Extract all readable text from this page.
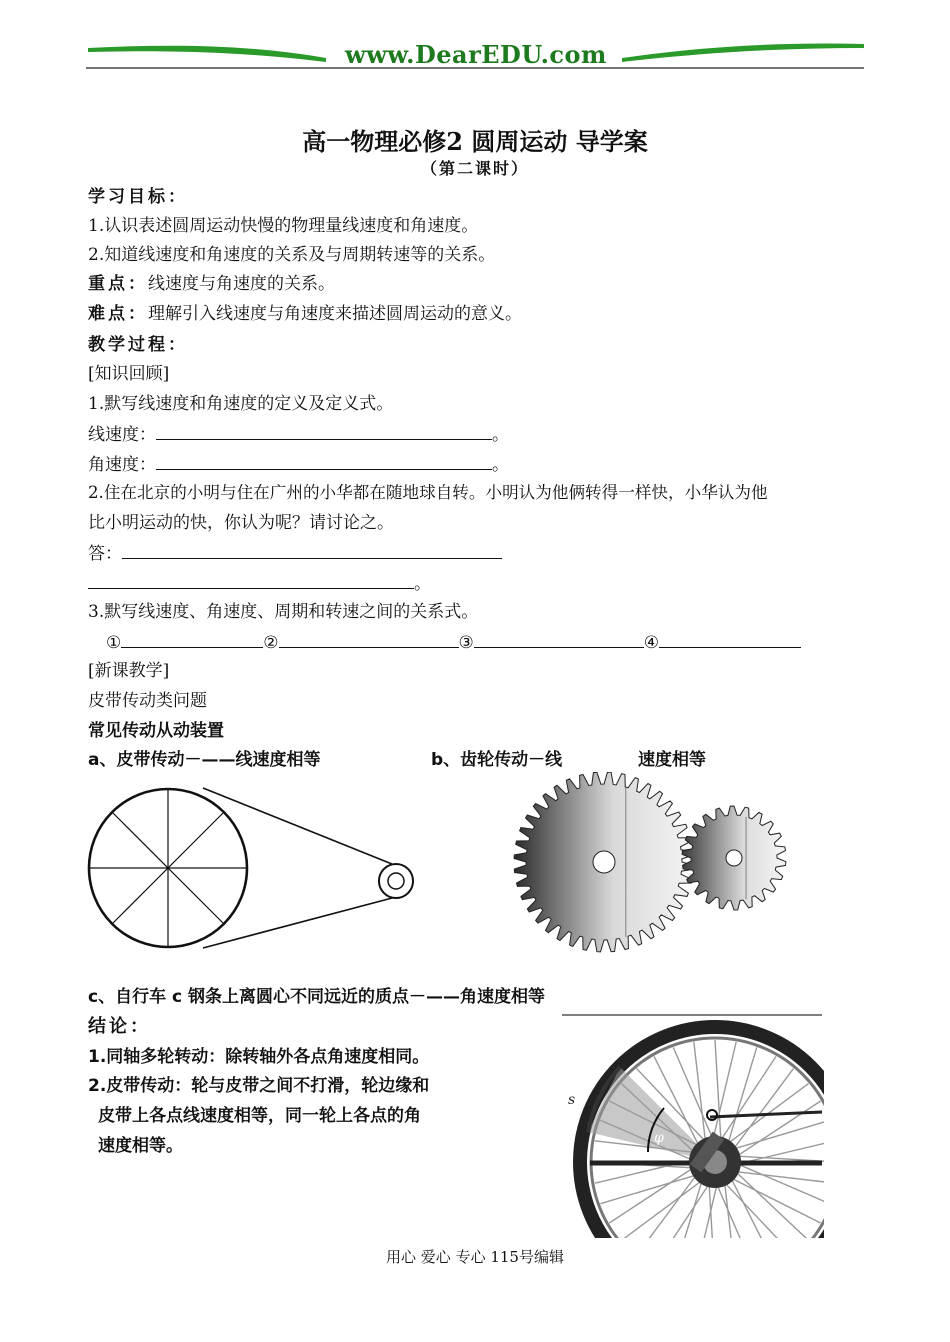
www.DearEDU.com
高一物理必修2 圆周运动 导学案
（第二课时）
学习目标：
1.认识表述圆周运动快慢的物理量线速度和角速度。
2.知道线速度和角速度的关系及与周期转速等的关系。
重点：线速度与角速度的关系。
难点：理解引入线速度与角速度来描述圆周运动的意义。
教学过程：
[知识回顾]
1.默写线速度和角速度的定义及定义式。
线速度：	。
角速度：	。
2.住在北京的小明与住在广州的小华都在随地球自转。小明认为他俩转得一样快，小华认为他
比小明运动的快，你认为呢？请讨论之。
答：
。
3.默写线速度、角速度、周期和转速之间的关系式。
①	②	③	④
[新课教学]
皮带传动类问题
常见传动从动装置
a、皮带传动－——线速度相等	b、齿轮传动－线	速度相等
c、自行车 c 钢条上离圆心不同远近的质点－——角速度相等
结论：
1.同轴多轮转动：除转轴外各点角速度相同。
2.皮带传动：轮与皮带之间不打滑，轮边缘和
皮带上各点线速度相等，同一轮上各点的角
速度相等。
s
φ
用心 爱心 专心 115号编辑
